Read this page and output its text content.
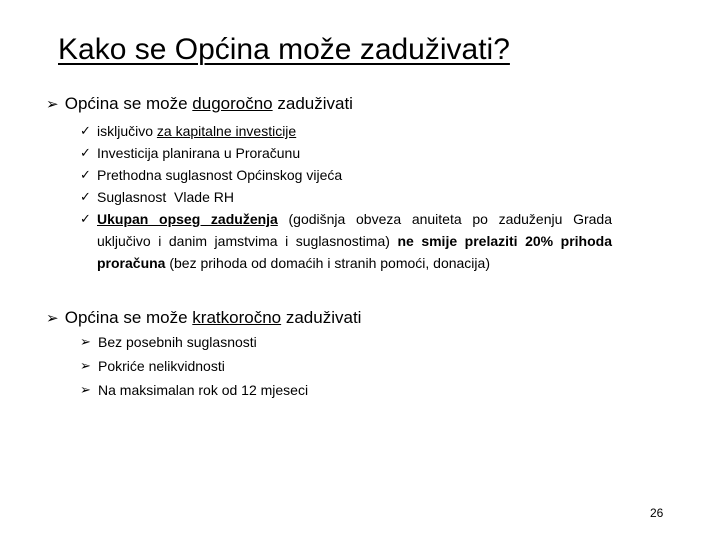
Kako se Općina može zaduživati?
➢ Općina se može dugoročno zaduživati
✓ isključivo za kapitalne investicije
✓ Investicija planirana u Proračunu
✓ Prethodna suglasnost Općinskog vijeća
✓ Suglasnost  Vlade RH
✓ Ukupan opseg zaduženja (godišnja obveza anuiteta po zaduženju Grada uključivo i danim jamstvima i suglasnostima) ne smije prelaziti 20% prihoda proračuna (bez prihoda od domaćih i stranih pomoći, donacija)
➢ Općina se može kratkoročno zaduživati
➢ Bez posebnih suglasnosti
➢ Pokriće nelikvidnosti
➢ Na maksimalan rok od 12 mjeseci
26
